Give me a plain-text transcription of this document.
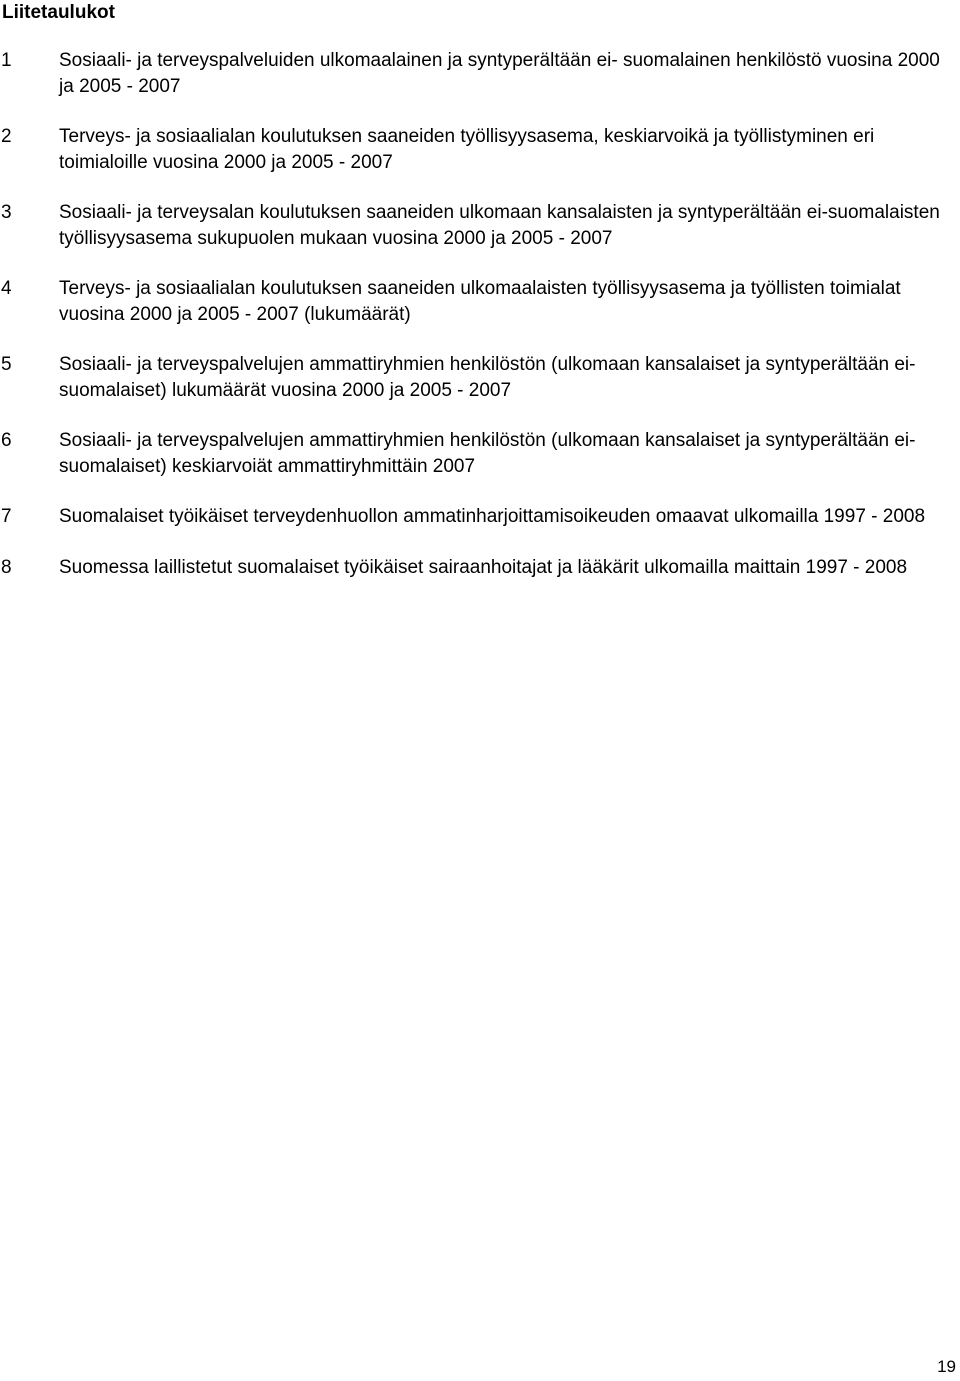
Liitetaulukot
1 Sosiaali- ja terveyspalveluiden ulkomaalainen ja syntyperältään ei- suomalainen henkilöstö vuosina 2000 ja 2005 - 2007
2 Terveys- ja sosiaalialan koulutuksen saaneiden työllisyysasema, keskiarvoikä ja työllistyminen eri toimialoille vuosina 2000 ja 2005 - 2007
3 Sosiaali- ja terveysalan koulutuksen saaneiden ulkomaan kansalaisten ja syntyperältään ei-suomalaisten työllisyysasema sukupuolen mukaan vuosina 2000 ja 2005 - 2007
4 Terveys- ja sosiaalialan koulutuksen saaneiden ulkomaalaisten työllisyysasema ja työllisten toimialat vuosina 2000 ja 2005 - 2007 (lukumäärät)
5 Sosiaali- ja terveyspalvelujen ammattiryhmien henkilöstön (ulkomaan kansalaiset ja syntyperältään ei-suomalaiset) lukumäärät vuosina 2000 ja 2005 - 2007
6 Sosiaali- ja terveyspalvelujen ammattiryhmien henkilöstön (ulkomaan kansalaiset ja syntyperältään ei-suomalaiset) keskiarvoiät ammattiryhmittäin 2007
7 Suomalaiset työikäiset terveydenhuollon ammatinharjoittamisoikeuden omaavat ulkomailla 1997 - 2008
8 Suomessa laillistetut suomalaiset työikäiset sairaanhoitajat ja lääkärit ulkomailla maittain 1997 - 2008
19
